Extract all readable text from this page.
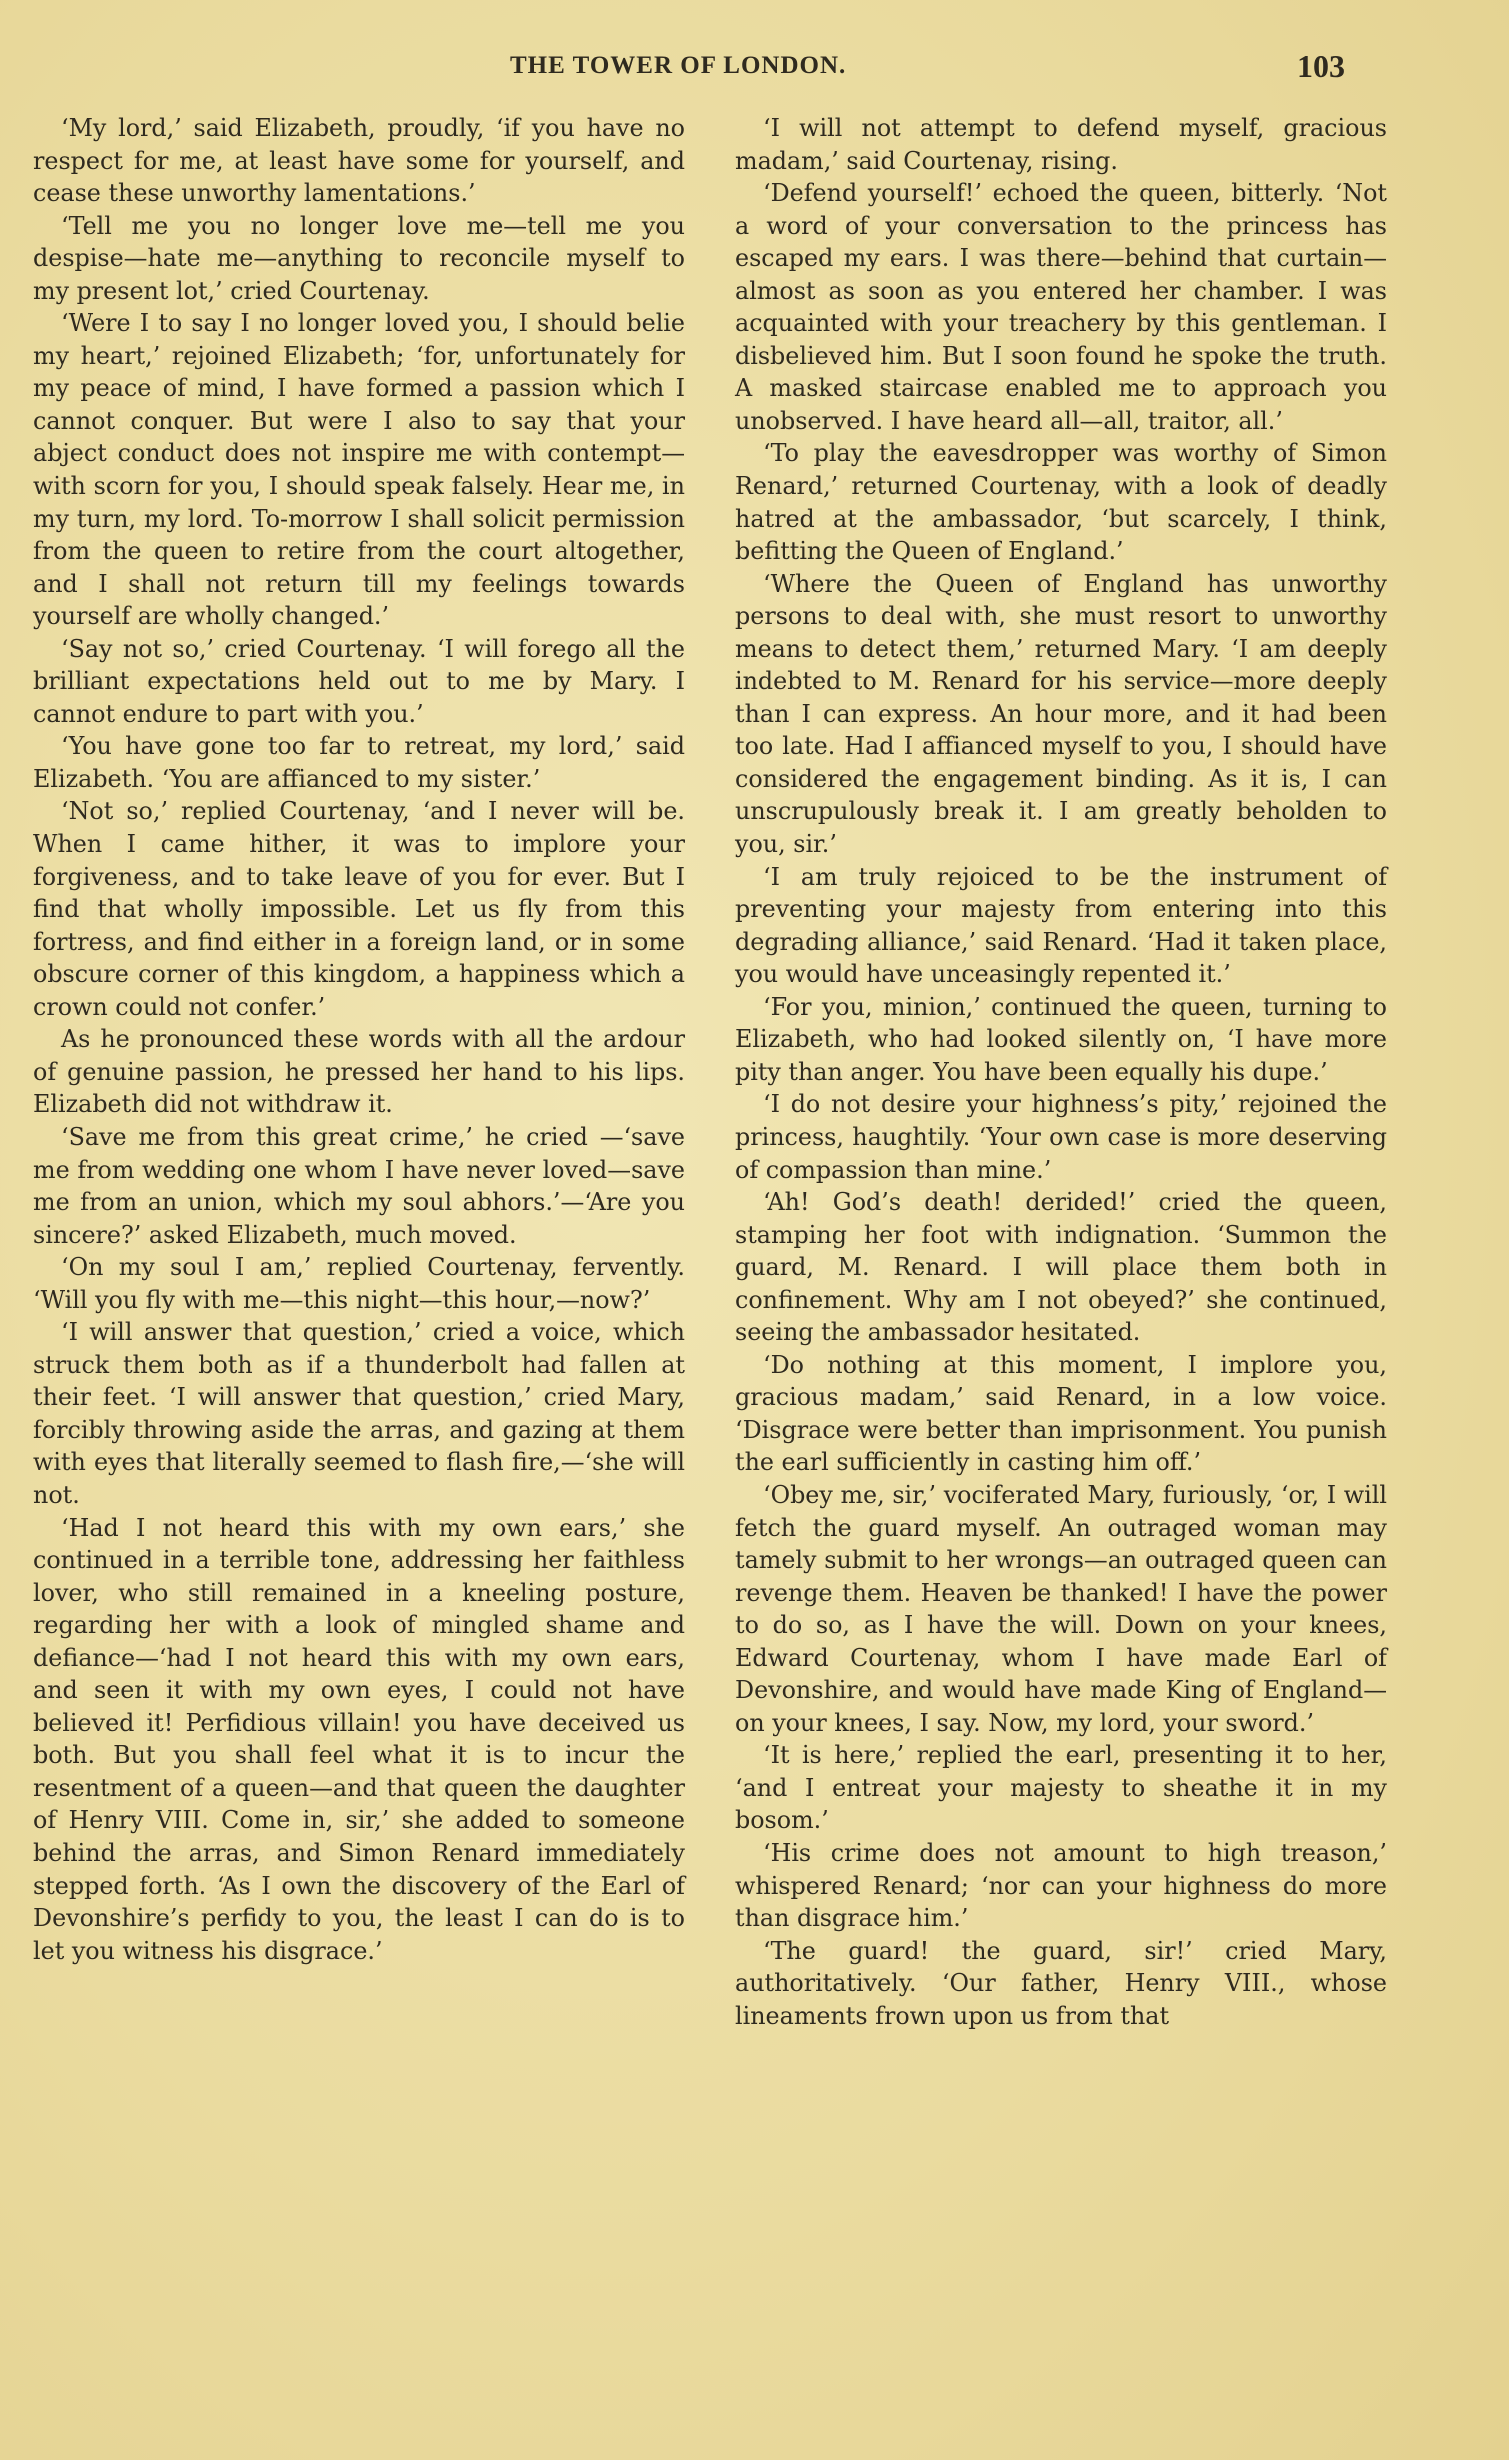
THE TOWER OF LONDON.	103

‘My lord,’ said Elizabeth, proudly, ‘if you have no respect for me, at least have some for yourself, and cease these unworthy lamentations.’

‘Tell me you no longer love me—tell me you despise—hate me—anything to reconcile myself to my present lot,’ cried Courtenay.

‘Were I to say I no longer loved you, I should belie my heart,’ rejoined Elizabeth; ‘for, unfortunately for my peace of mind, I have formed a passion which I cannot conquer. But were I also to say that your abject conduct does not inspire me with contempt—with scorn for you, I should speak falsely. Hear me, in my turn, my lord. To-morrow I shall solicit permission from the queen to retire from the court altogether, and I shall not return till my feelings towards yourself are wholly changed.’

‘Say not so,’ cried Courtenay. ‘I will forego all the brilliant expectations held out to me by Mary. I cannot endure to part with you.’

‘You have gone too far to retreat, my lord,’ said Elizabeth. ‘You are affianced to my sister.’

‘Not so,’ replied Courtenay, ‘and I never will be. When I came hither, it was to implore your forgiveness, and to take leave of you for ever. But I find that wholly impossible. Let us fly from this fortress, and find either in a foreign land, or in some obscure corner of this kingdom, a happiness which a crown could not confer.’

As he pronounced these words with all the ardour of genuine passion, he pressed her hand to his lips. Elizabeth did not withdraw it.

‘Save me from this great crime,’ he cried —‘save me from wedding one whom I have never loved—save me from an union, which my soul abhors.’—‘Are you sincere?’ asked Elizabeth, much moved.

‘On my soul I am,’ replied Courtenay, fervently. ‘Will you fly with me—this night—this hour,—now?’

‘I will answer that question,’ cried a voice, which struck them both as if a thunderbolt had fallen at their feet. ‘I will answer that question,’ cried Mary, forcibly throwing aside the arras, and gazing at them with eyes that literally seemed to flash fire,—‘she will not.

‘Had I not heard this with my own ears,’ she continued in a terrible tone, addressing her faithless lover, who still remained in a kneeling posture, regarding her with a look of mingled shame and defiance—‘had I not heard this with my own ears, and seen it with my own eyes, I could not have believed it! Perfidious villain! you have deceived us both. But you shall feel what it is to incur the resentment of a queen—and that queen the daughter of Henry VIII. Come in, sir,’ she added to someone behind the arras, and Simon Renard immediately stepped forth. ‘As I own the discovery of the Earl of Devonshire’s perfidy to you, the least I can do is to let you witness his disgrace.’

‘I will not attempt to defend myself, gracious madam,’ said Courtenay, rising.

‘Defend yourself!’ echoed the queen, bitterly. ‘Not a word of your conversation to the princess has escaped my ears. I was there—behind that curtain—almost as soon as you entered her chamber. I was acquainted with your treachery by this gentleman. I disbelieved him. But I soon found he spoke the truth. A masked staircase enabled me to approach you unobserved. I have heard all—all, traitor, all.’

‘To play the eavesdropper was worthy of Simon Renard,’ returned Courtenay, with a look of deadly hatred at the ambassador, ‘but scarcely, I think, befitting the Queen of England.’

‘Where the Queen of England has unworthy persons to deal with, she must resort to unworthy means to detect them,’ returned Mary. ‘I am deeply indebted to M. Renard for his service—more deeply than I can express. An hour more, and it had been too late. Had I affianced myself to you, I should have considered the engagement binding. As it is, I can unscrupulously break it. I am greatly beholden to you, sir.’

‘I am truly rejoiced to be the instrument of preventing your majesty from entering into this degrading alliance,’ said Renard. ‘Had it taken place, you would have unceasingly repented it.’

‘For you, minion,’ continued the queen, turning to Elizabeth, who had looked silently on, ‘I have more pity than anger. You have been equally his dupe.’

‘I do not desire your highness’s pity,’ rejoined the princess, haughtily. ‘Your own case is more deserving of compassion than mine.’

‘Ah! God’s death! derided!’ cried the queen, stamping her foot with indignation. ‘Summon the guard, M. Renard. I will place them both in confinement. Why am I not obeyed?’ she continued, seeing the ambassador hesitated.

‘Do nothing at this moment, I implore you, gracious madam,’ said Renard, in a low voice. ‘Disgrace were better than imprisonment. You punish the earl sufficiently in casting him off.’

‘Obey me, sir,’ vociferated Mary, furiously, ‘or, I will fetch the guard myself. An outraged woman may tamely submit to her wrongs—an outraged queen can revenge them. Heaven be thanked! I have the power to do so, as I have the will. Down on your knees, Edward Courtenay, whom I have made Earl of Devonshire, and would have made King of England—on your knees, I say. Now, my lord, your sword.’

‘It is here,’ replied the earl, presenting it to her, ‘and I entreat your majesty to sheathe it in my bosom.’

‘His crime does not amount to high treason,’ whispered Renard; ‘nor can your highness do more than disgrace him.’

‘The guard! the guard, sir!’ cried Mary, authoritatively. ‘Our father, Henry VIII., whose lineaments frown upon us from that
